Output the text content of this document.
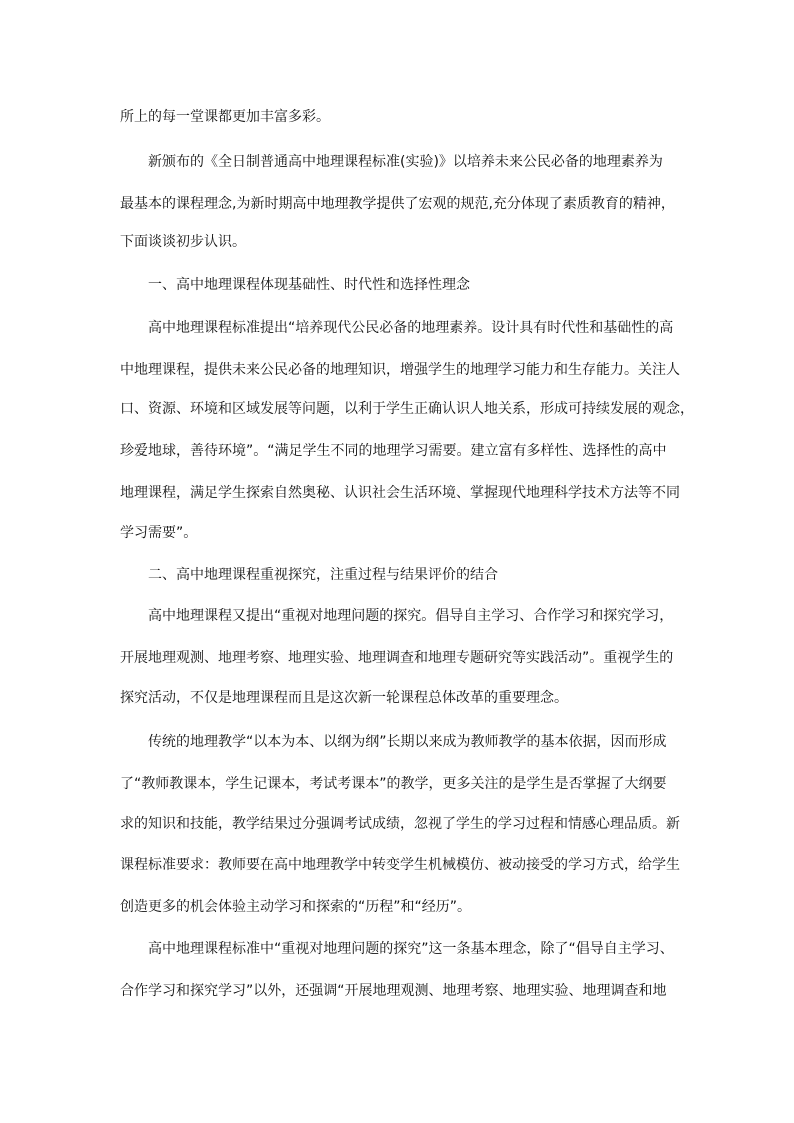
所上的每一堂课都更加丰富多彩。
新颁布的《全日制普通高中地理课程标准(实验)》以培养未来公民必备的地理素养为
最基本的课程理念,为新时期高中地理教学提供了宏观的规范,充分体现了素质教育的精神，
下面谈谈初步认识。
一、高中地理课程体现基础性、时代性和选择性理念
高中地理课程标准提出“培养现代公民必备的地理素养。设计具有时代性和基础性的高
中地理课程，提供未来公民必备的地理知识，增强学生的地理学习能力和生存能力。关注人
口、资源、环境和区域发展等问题，以利于学生正确认识人地关系，形成可持续发展的观念，
珍爱地球，善待环境”。“满足学生不同的地理学习需要。建立富有多样性、选择性的高中
地理课程，满足学生探索自然奥秘、认识社会生活环境、掌握现代地理科学技术方法等不同
学习需要”。
二、高中地理课程重视探究，注重过程与结果评价的结合
高中地理课程又提出“重视对地理问题的探究。倡导自主学习、合作学习和探究学习，
开展地理观测、地理考察、地理实验、地理调查和地理专题研究等实践活动”。重视学生的
探究活动，不仅是地理课程而且是这次新一轮课程总体改革的重要理念。
传统的地理教学“以本为本、以纲为纲”长期以来成为教师教学的基本依据，因而形成
了“教师教课本，学生记课本，考试考课本”的教学，更多关注的是学生是否掌握了大纲要
求的知识和技能，教学结果过分强调考试成绩，忽视了学生的学习过程和情感心理品质。新
课程标准要求：教师要在高中地理教学中转变学生机械模仿、被动接受的学习方式，给学生
创造更多的机会体验主动学习和探索的“历程”和“经历”。
高中地理课程标准中“重视对地理问题的探究”这一条基本理念，除了“倡导自主学习、
合作学习和探究学习”以外，还强调“开展地理观测、地理考察、地理实验、地理调查和地
